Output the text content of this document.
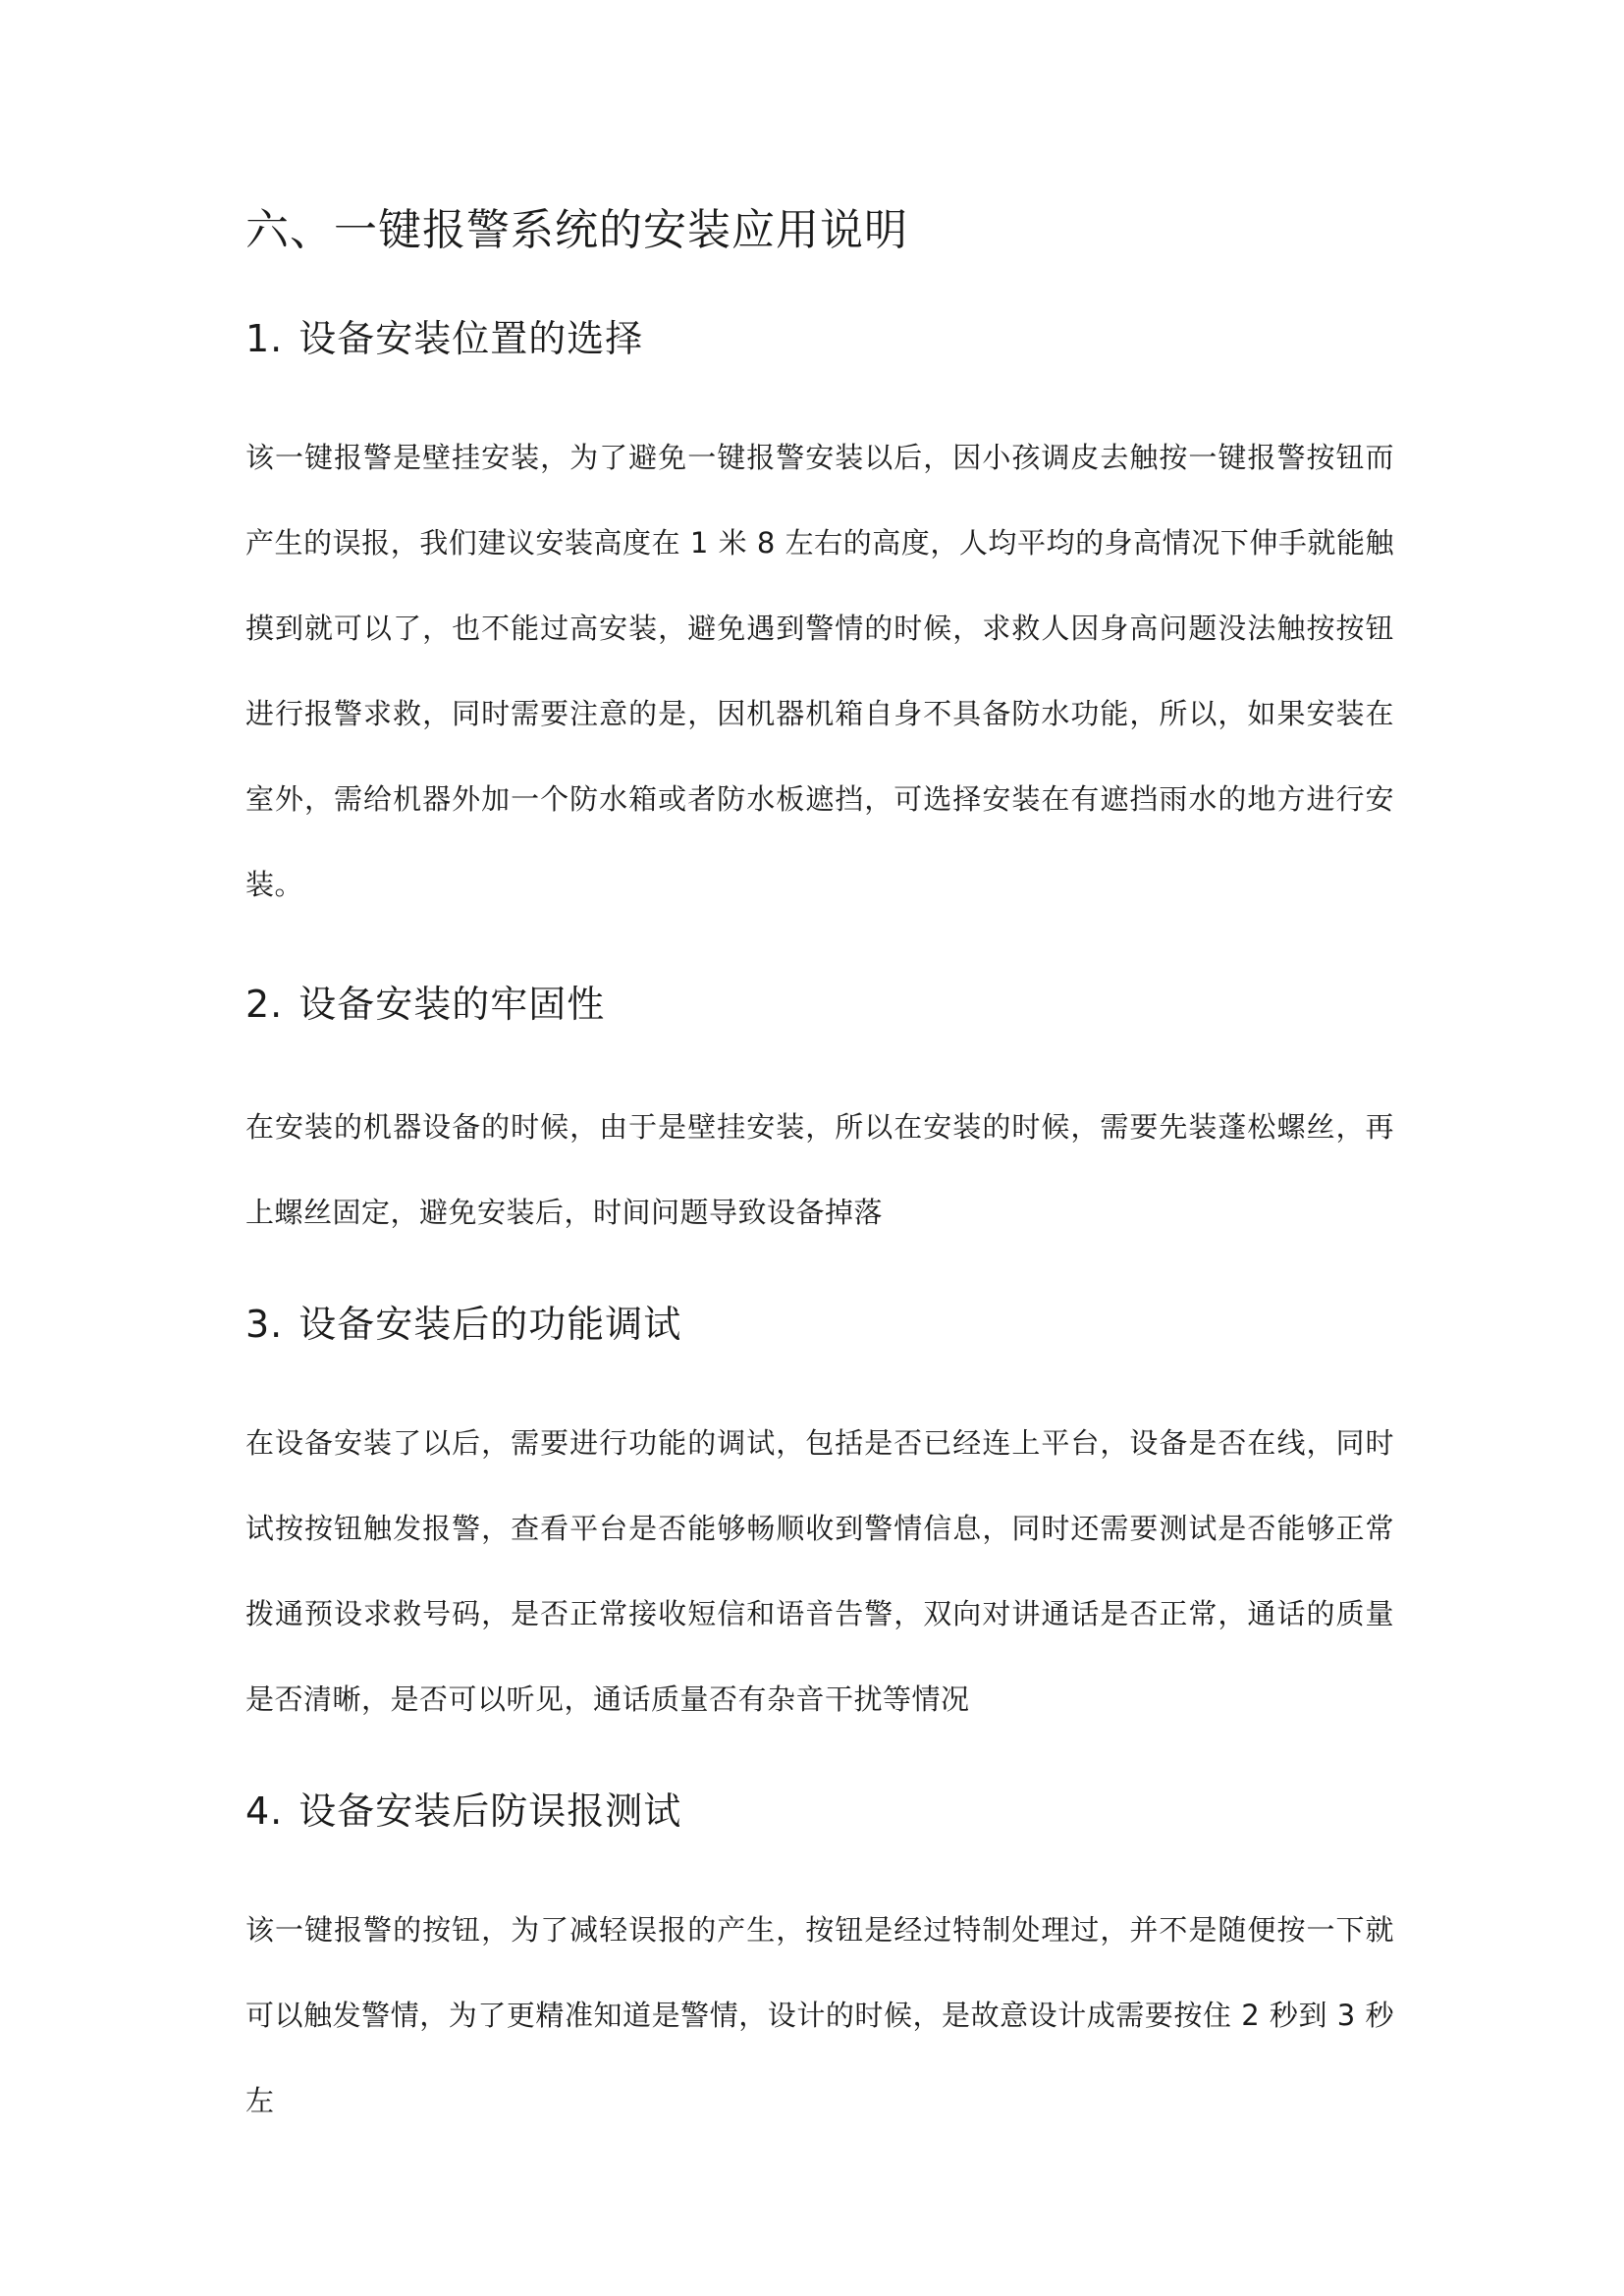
六、一键报警系统的安装应用说明
1. 设备安装位置的选择

该一键报警是壁挂安装，为了避免一键报警安装以后，因小孩调皮去触按一键报警按钮而产生的误报，我们建议安装高度在 1 米 8 左右的高度，人均平均的身高情况下伸手就能触摸到就可以了，也不能过高安装，避免遇到警情的时候，求救人因身高问题没法触按按钮进行报警求救，同时需要注意的是，因机器机箱自身不具备防水功能，所以，如果安装在室外，需给机器外加一个防水箱或者防水板遮挡，可选择安装在有遮挡雨水的地方进行安装。

2. 设备安装的牢固性

在安装的机器设备的时候，由于是壁挂安装，所以在安装的时候，需要先装蓬松螺丝，再上螺丝固定，避免安装后，时间问题导致设备掉落

3. 设备安装后的功能调试

在设备安装了以后，需要进行功能的调试，包括是否已经连上平台，设备是否在线，同时试按按钮触发报警，查看平台是否能够畅顺收到警情信息，同时还需要测试是否能够正常拨通预设求救号码，是否正常接收短信和语音告警，双向对讲通话是否正常，通话的质量是否清晰，是否可以听见，通话质量否有杂音干扰等情况

4. 设备安装后防误报测试

该一键报警的按钮，为了减轻误报的产生，按钮是经过特制处理过，并不是随便按一下就可以触发警情，为了更精准知道是警情，设计的时候，是故意设计成需要按住 2 秒到 3 秒左
